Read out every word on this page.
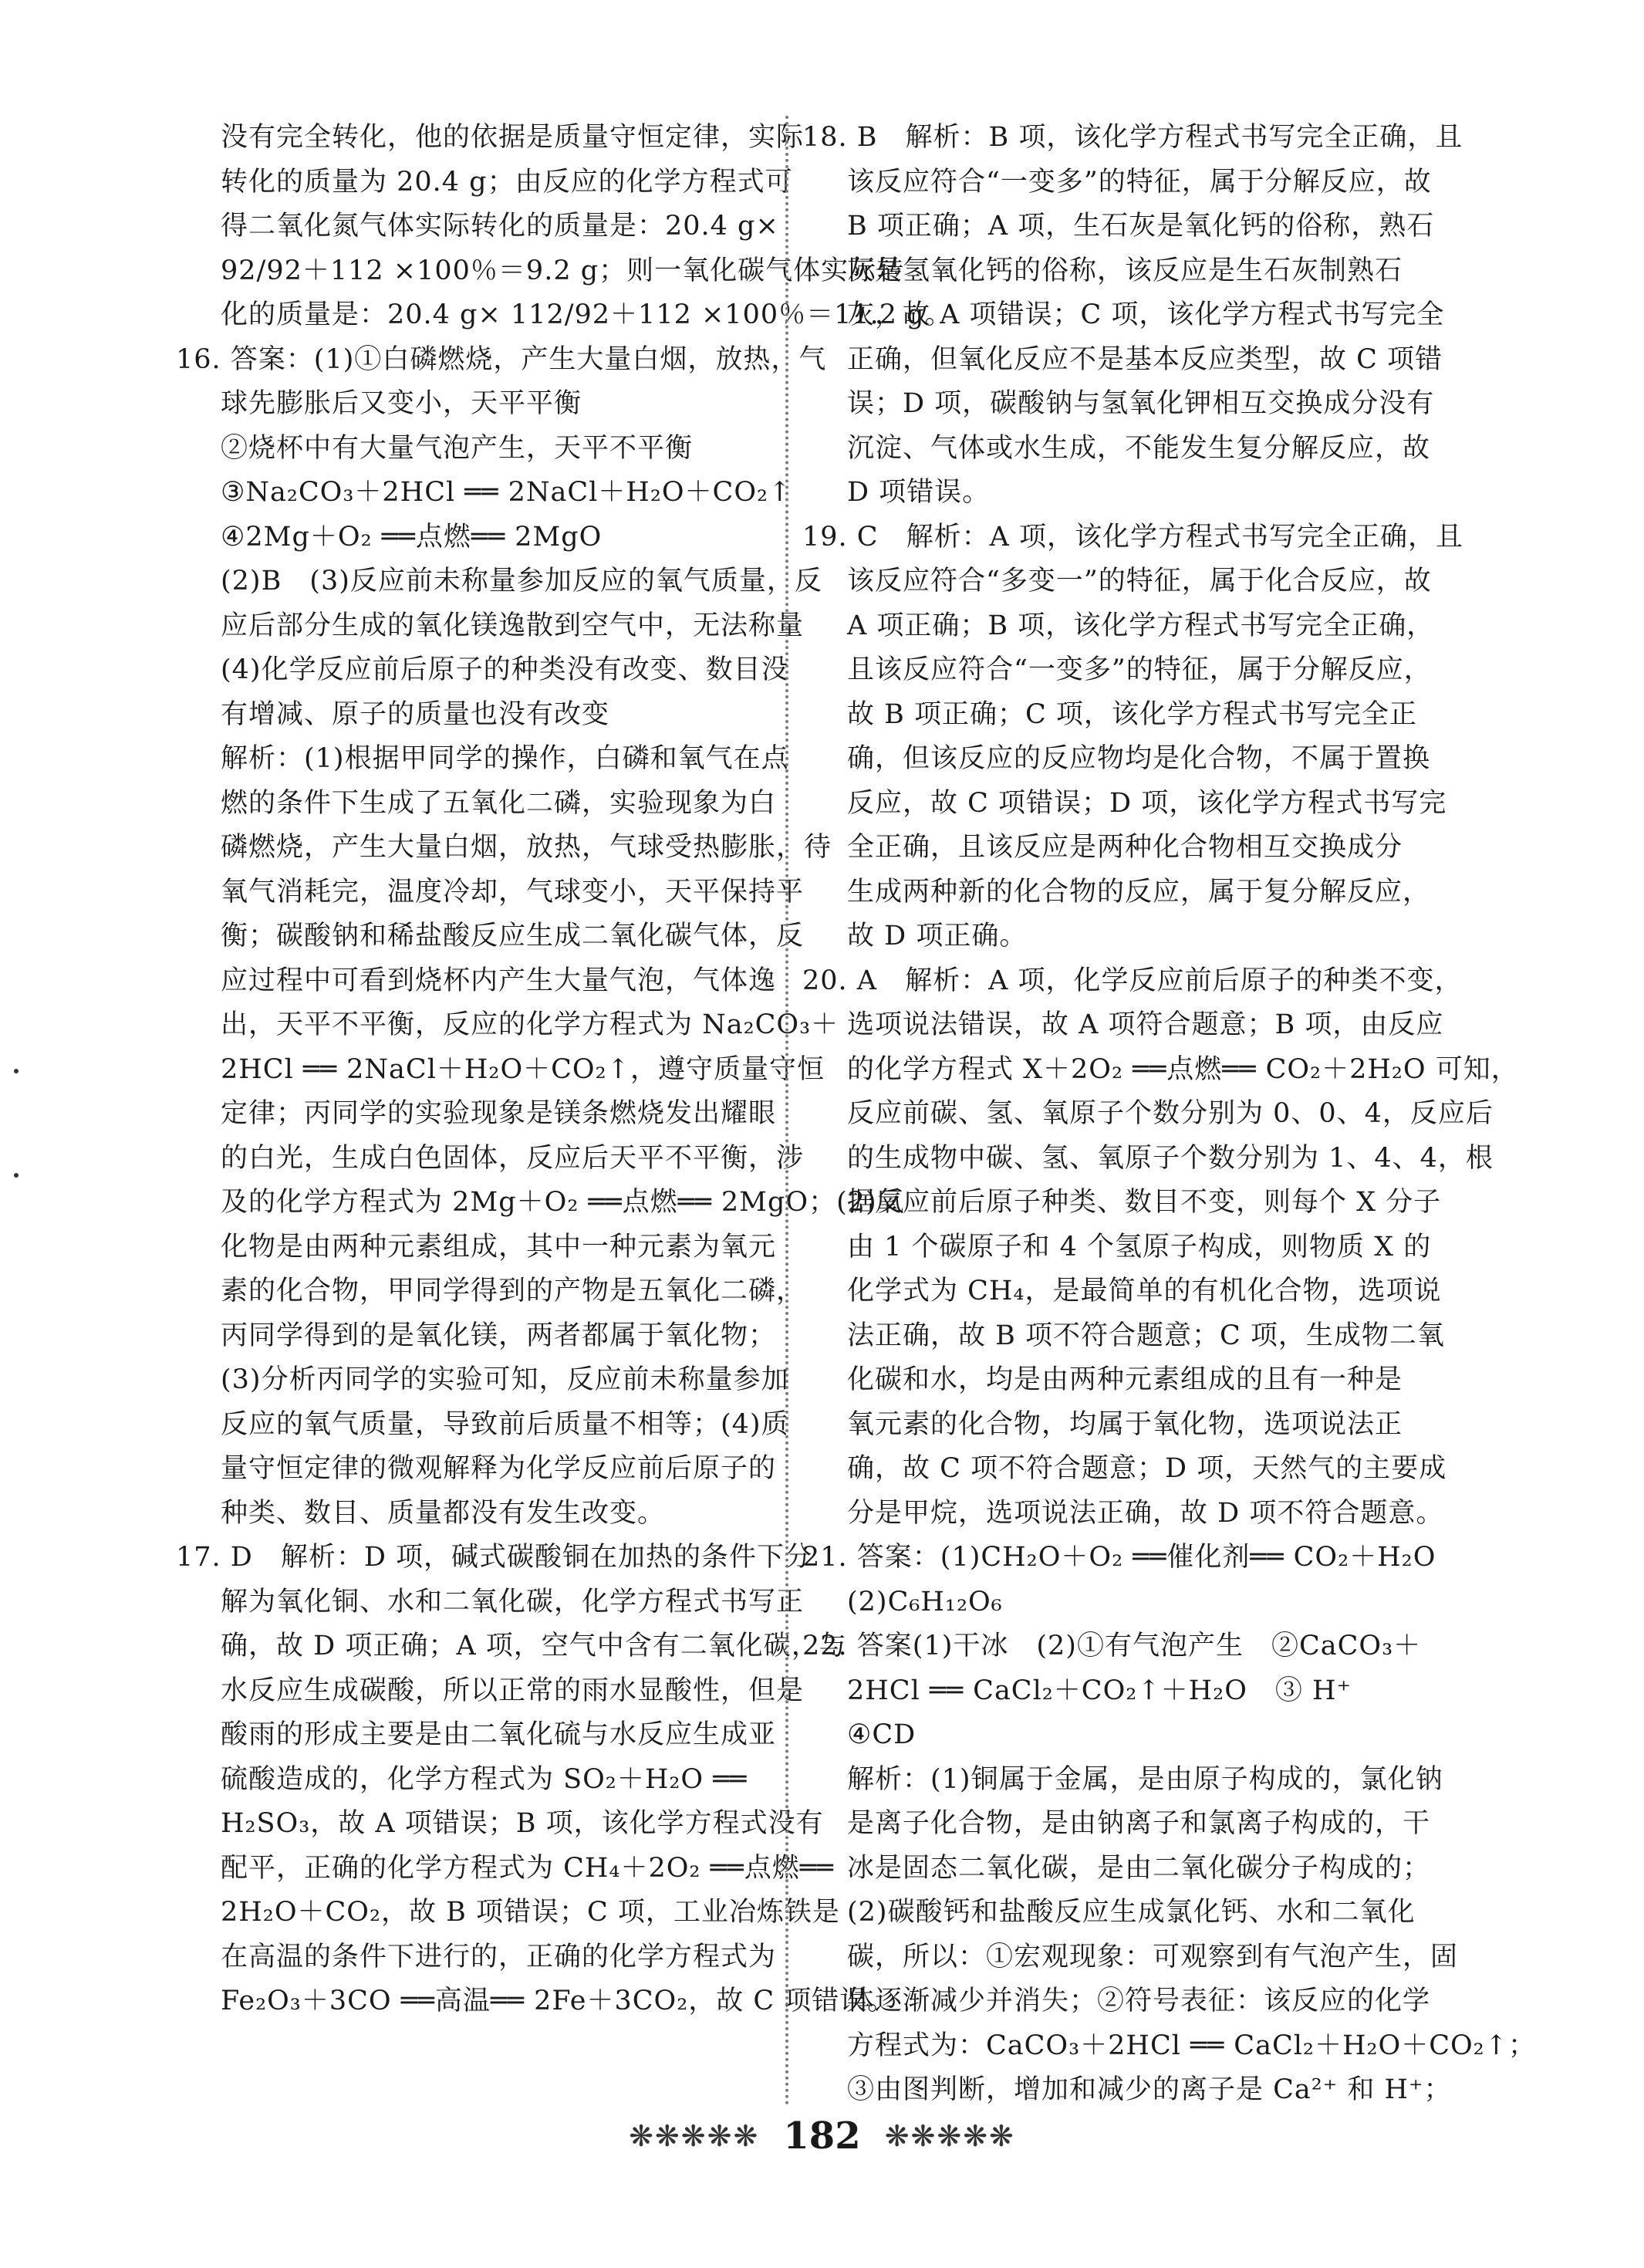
没有完全转化，他的依据是质量守恒定律，实际
转化的质量为 20.4 g；由反应的化学方程式可
得二氧化氮气体实际转化的质量是：20.4 g×
92/92＋112 ×100％＝9.2 g；则一氧化碳气体实际转
化的质量是：20.4 g× 112/92＋112 ×100％＝11.2 g。
16. 答案：(1)①白磷燃烧，产生大量白烟，放热，气
球先膨胀后又变小，天平平衡
②烧杯中有大量气泡产生，天平不平衡
③Na₂CO₃＋2HCl ══ 2NaCl＋H₂O＋CO₂↑
④2Mg＋O₂ ══点燃══ 2MgO
(2)B　(3)反应前未称量参加反应的氧气质量，反
应后部分生成的氧化镁逸散到空气中，无法称量
(4)化学反应前后原子的种类没有改变、数目没
有增减、原子的质量也没有改变
解析：(1)根据甲同学的操作，白磷和氧气在点
燃的条件下生成了五氧化二磷，实验现象为白
磷燃烧，产生大量白烟，放热，气球受热膨胀，待
氧气消耗完，温度冷却，气球变小，天平保持平
衡；碳酸钠和稀盐酸反应生成二氧化碳气体，反
应过程中可看到烧杯内产生大量气泡，气体逸
出，天平不平衡，反应的化学方程式为 Na₂CO₃＋
2HCl ══ 2NaCl＋H₂O＋CO₂↑，遵守质量守恒
定律；丙同学的实验现象是镁条燃烧发出耀眼
的白光，生成白色固体，反应后天平不平衡，涉
及的化学方程式为 2Mg＋O₂ ══点燃══ 2MgO；(2)氧
化物是由两种元素组成，其中一种元素为氧元
素的化合物，甲同学得到的产物是五氧化二磷，
丙同学得到的是氧化镁，两者都属于氧化物；
(3)分析丙同学的实验可知，反应前未称量参加
反应的氧气质量，导致前后质量不相等；(4)质
量守恒定律的微观解释为化学反应前后原子的
种类、数目、质量都没有发生改变。
17. D　解析：D 项，碱式碳酸铜在加热的条件下分
解为氧化铜、水和二氧化碳，化学方程式书写正
确，故 D 项正确；A 项，空气中含有二氧化碳，与
水反应生成碳酸，所以正常的雨水显酸性，但是
酸雨的形成主要是由二氧化硫与水反应生成亚
硫酸造成的，化学方程式为 SO₂＋H₂O ══
H₂SO₃，故 A 项错误；B 项，该化学方程式没有
配平，正确的化学方程式为 CH₄＋2O₂ ══点燃══
2H₂O＋CO₂，故 B 项错误；C 项，工业冶炼铁是
在高温的条件下进行的，正确的化学方程式为
Fe₂O₃＋3CO ══高温══ 2Fe＋3CO₂，故 C 项错误。
18. B　解析：B 项，该化学方程式书写完全正确，且
该反应符合“一变多”的特征，属于分解反应，故
B 项正确；A 项，生石灰是氧化钙的俗称，熟石
灰是氢氧化钙的俗称，该反应是生石灰制熟石
灰，故 A 项错误；C 项，该化学方程式书写完全
正确，但氧化反应不是基本反应类型，故 C 项错
误；D 项，碳酸钠与氢氧化钾相互交换成分没有
沉淀、气体或水生成，不能发生复分解反应，故
D 项错误。
19. C　解析：A 项，该化学方程式书写完全正确，且
该反应符合“多变一”的特征，属于化合反应，故
A 项正确；B 项，该化学方程式书写完全正确，
且该反应符合“一变多”的特征，属于分解反应，
故 B 项正确；C 项，该化学方程式书写完全正
确，但该反应的反应物均是化合物，不属于置换
反应，故 C 项错误；D 项，该化学方程式书写完
全正确，且该反应是两种化合物相互交换成分
生成两种新的化合物的反应，属于复分解反应，
故 D 项正确。
20. A　解析：A 项，化学反应前后原子的种类不变，
选项说法错误，故 A 项符合题意；B 项，由反应
的化学方程式 X＋2O₂ ══点燃══ CO₂＋2H₂O 可知，
反应前碳、氢、氧原子个数分别为 0、0、4，反应后
的生成物中碳、氢、氧原子个数分别为 1、4、4，根
据反应前后原子种类、数目不变，则每个 X 分子
由 1 个碳原子和 4 个氢原子构成，则物质 X 的
化学式为 CH₄，是最简单的有机化合物，选项说
法正确，故 B 项不符合题意；C 项，生成物二氧
化碳和水，均是由两种元素组成的且有一种是
氧元素的化合物，均属于氧化物，选项说法正
确，故 C 项不符合题意；D 项，天然气的主要成
分是甲烷，选项说法正确，故 D 项不符合题意。
21. 答案：(1)CH₂O＋O₂ ══催化剂══ CO₂＋H₂O
(2)C₆H₁₂O₆
22. 答案(1)干冰　(2)①有气泡产生　②CaCO₃＋
2HCl ══ CaCl₂＋CO₂↑＋H₂O　③ H⁺
④CD
解析：(1)铜属于金属，是由原子构成的，氯化钠
是离子化合物，是由钠离子和氯离子构成的，干
冰是固态二氧化碳，是由二氧化碳分子构成的；
(2)碳酸钙和盐酸反应生成氯化钙、水和二氧化
碳，所以：①宏观现象：可观察到有气泡产生，固
体逐渐减少并消失；②符号表征：该反应的化学
方程式为：CaCO₃＋2HCl ══ CaCl₂＋H₂O＋CO₂↑；
③由图判断，增加和减少的离子是 Ca²⁺ 和 H⁺；
❋❋❋❋❋ 182 ❋❋❋❋❋
